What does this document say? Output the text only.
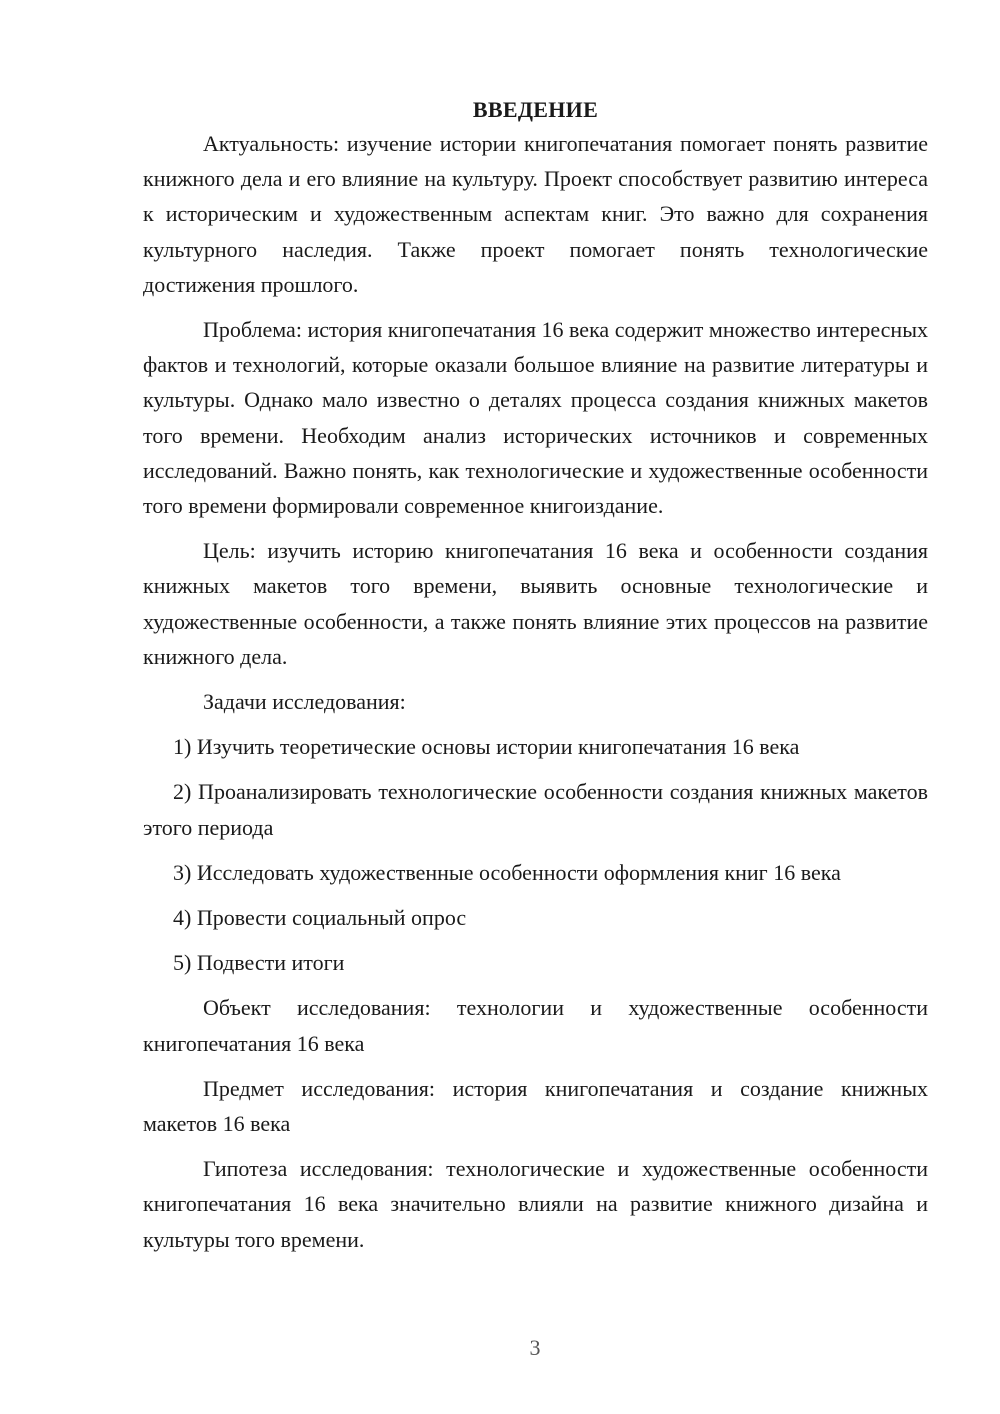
ВВЕДЕНИЕ

Актуальность: изучение истории книгопечатания помогает понять развитие книжного дела и его влияние на культуру. Проект способствует развитию интереса к историческим и художественным аспектам книг. Это важно для сохранения культурного наследия. Также проект помогает понять технологические достижения прошлого.

Проблема: история книгопечатания 16 века содержит множество интересных фактов и технологий, которые оказали большое влияние на развитие литературы и культуры. Однако мало известно о деталях процесса создания книжных макетов того времени. Необходим анализ исторических источников и современных исследований. Важно понять, как технологические и художественные особенности того времени формировали современное книгоиздание.

Цель: изучить историю книгопечатания 16 века и особенности создания книжных макетов того времени, выявить основные технологические и художественные особенности, а также понять влияние этих процессов на развитие книжного дела.

Задачи исследования:

1) Изучить теоретические основы истории книгопечатания 16 века

2) Проанализировать технологические особенности создания книжных макетов этого периода

3) Исследовать художественные особенности оформления книг 16 века

4) Провести социальный опрос

5) Подвести итоги

Объект исследования: технологии и художественные особенности книгопечатания 16 века

Предмет исследования: история книгопечатания и создание книжных макетов 16 века

Гипотеза исследования: технологические и художественные особенности книгопечатания 16 века значительно влияли на развитие книжного дизайна и культуры того времени.

3
